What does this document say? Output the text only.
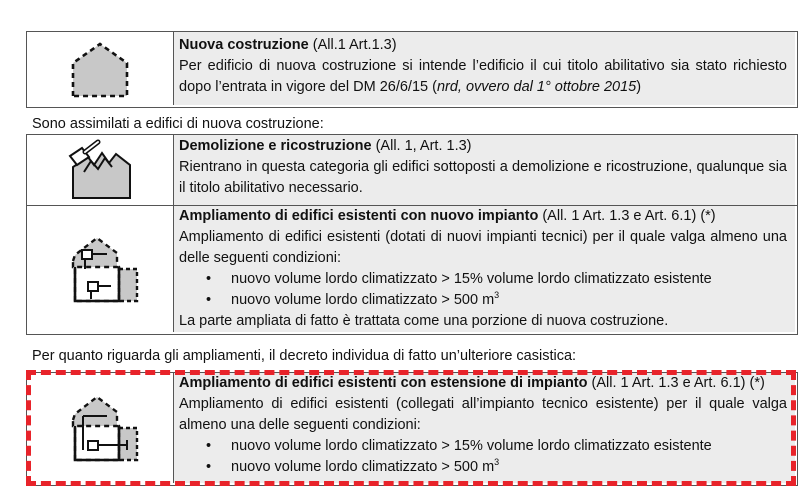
Nuova costruzione (All.1 Art.1.3)
Per edificio di nuova costruzione si intende l’edificio il cui titolo abilitativo sia stato richiesto dopo l’entrata in vigore del DM 26/6/15 (nrd, ovvero dal 1° ottobre 2015)
Sono assimilati a edifici di nuova costruzione:
Demolizione e ricostruzione (All. 1, Art. 1.3)
Rientrano in questa categoria gli edifici sottoposti a demolizione e ricostruzione, qualunque sia il titolo abilitativo necessario.
Ampliamento di edifici esistenti con nuovo impianto (All. 1 Art. 1.3 e Art. 6.1) (*)

Ampliamento di edifici esistenti (dotati di nuovi impianti tecnici) per il quale valga almeno una delle seguenti condizioni:
• nuovo volume lordo climatizzato > 15% volume lordo climatizzato esistente
• nuovo volume lordo climatizzato > 500 $m^3$
La parte ampliata di fatto è trattata come una porzione di nuova costruzione.
Per quanto riguarda gli ampliamenti, il decreto individua di fatto un’ulteriore casistica:
Ampliamento di edifici esistenti con estensione di impianto (All. 1 Art. 1.3 e Art. 6.1) (*)

Ampliamento di edifici esistenti (collegati all’impianto tecnico esistente) per il quale valga almeno una delle seguenti condizioni:
• nuovo volume lordo climatizzato > 15% volume lordo climatizzato esistente
• nuovo volume lordo climatizzato > 500 $m^3$
